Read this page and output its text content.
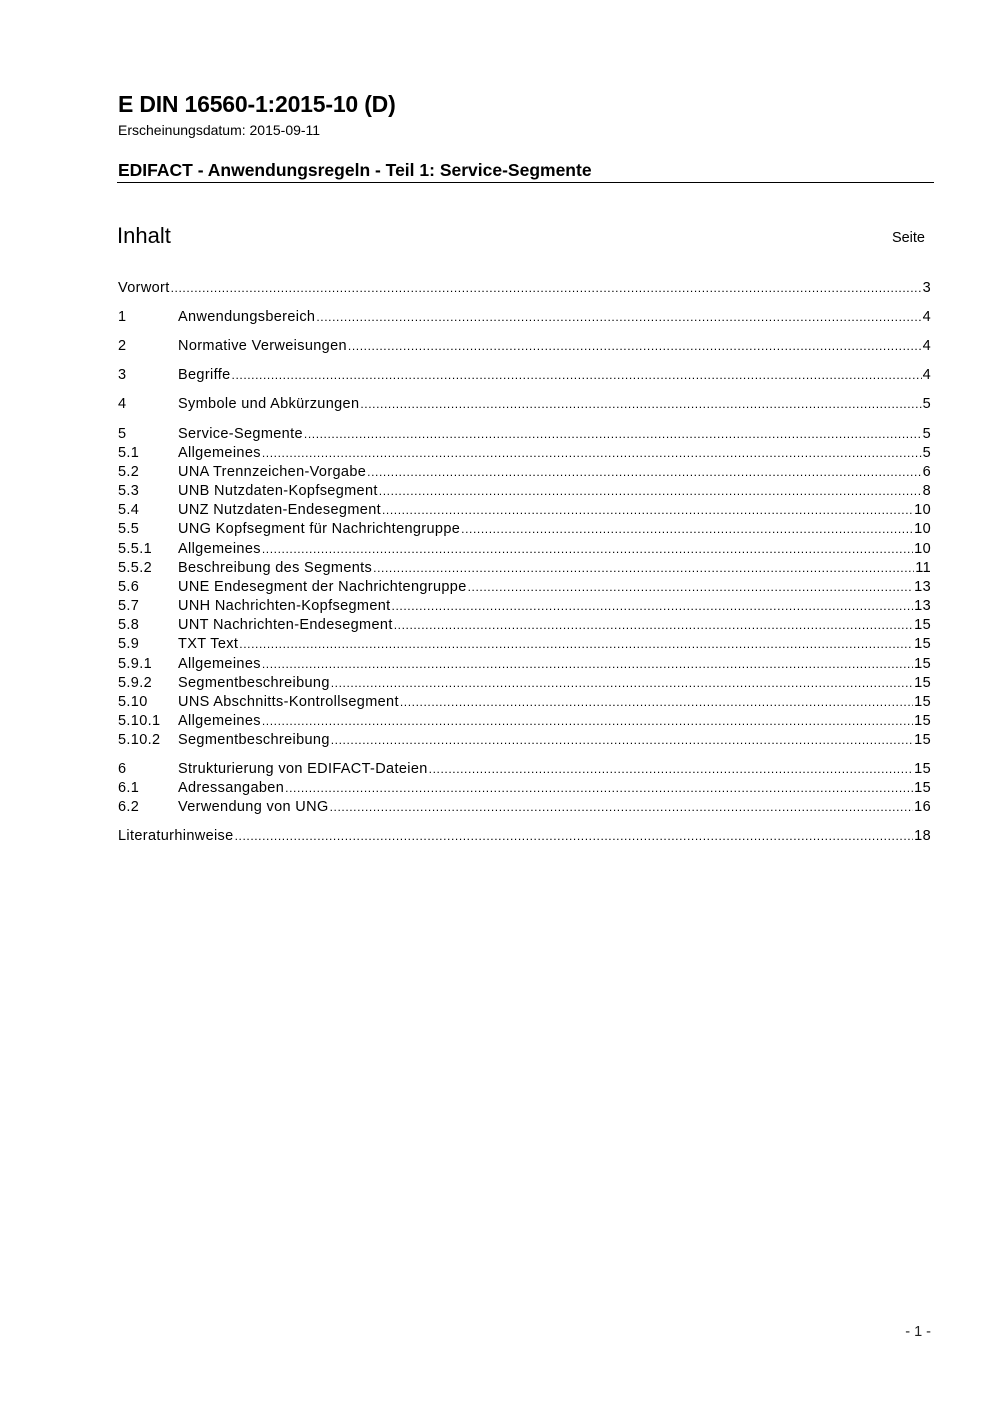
E DIN 16560-1:2015-10 (D)
Erscheinungsdatum: 2015-09-11
EDIFACT - Anwendungsregeln - Teil 1: Service-Segmente
Inhalt	Seite
Vorwort .....	3
1	Anwendungsbereich .....	4
2	Normative Verweisungen .....	4
3	Begriffe .....	4
4	Symbole und Abkürzungen .....	5
5	Service-Segmente .....	5
5.1	Allgemeines .....	5
5.2	UNA Trennzeichen-Vorgabe .....	6
5.3	UNB Nutzdaten-Kopfsegment .....	8
5.4	UNZ Nutzdaten-Endesegment .....	10
5.5	UNG Kopfsegment für Nachrichtengruppe .....	10
5.5.1	Allgemeines .....	10
5.5.2	Beschreibung des Segments .....	11
5.6	UNE Endesegment der Nachrichtengruppe .....	13
5.7	UNH Nachrichten-Kopfsegment .....	13
5.8	UNT Nachrichten-Endesegment .....	15
5.9	TXT Text .....	15
5.9.1	Allgemeines .....	15
5.9.2	Segmentbeschreibung .....	15
5.10	UNS Abschnitts-Kontrollsegment .....	15
5.10.1	Allgemeines .....	15
5.10.2	Segmentbeschreibung .....	15
6	Strukturierung von EDIFACT-Dateien .....	15
6.1	Adressangaben .....	15
6.2	Verwendung von UNG .....	16
Literaturhinweise .....	18
- 1 -
